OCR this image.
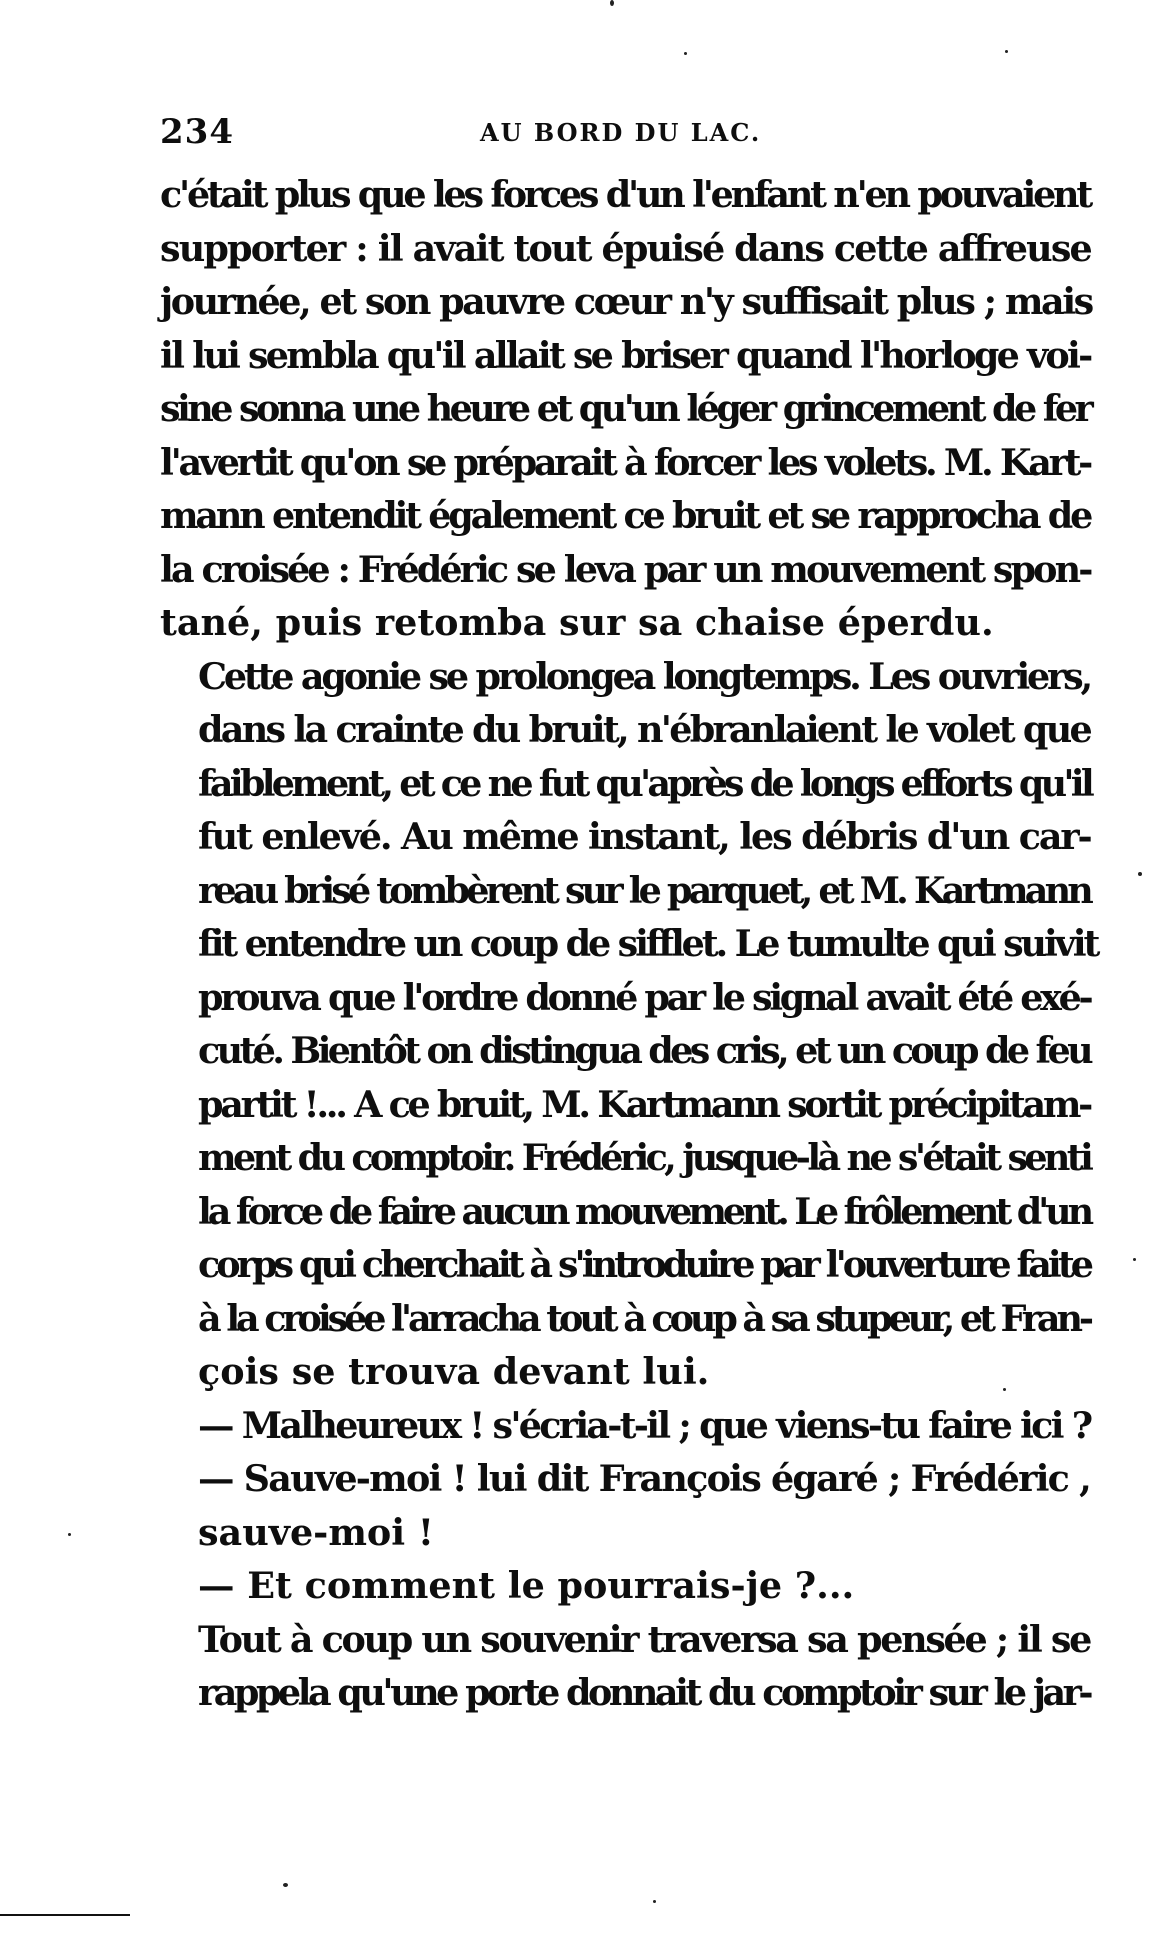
234	AU BORD DU LAC.

c'était plus que les forces d'un l'enfant n'en pouvaient
supporter : il avait tout épuisé dans cette affreuse
journée, et son pauvre cœur n'y suffisait plus ; mais
il lui sembla qu'il allait se briser quand l'horloge voi-
sine sonna une heure et qu'un léger grincement de fer
l'avertit qu'on se préparait à forcer les volets. M. Kart-
mann entendit également ce bruit et se rapprocha de
la croisée : Frédéric se leva par un mouvement spon-
tané, puis retomba sur sa chaise éperdu.

Cette agonie se prolongea longtemps. Les ouvriers,
dans la crainte du bruit, n'ébranlaient le volet que
faiblement, et ce ne fut qu'après de longs efforts qu'il
fut enlevé. Au même instant, les débris d'un car-
reau brisé tombèrent sur le parquet, et M. Kartmann
fit entendre un coup de sifflet. Le tumulte qui suivit
prouva que l'ordre donné par le signal avait été exé-
cuté. Bientôt on distingua des cris, et un coup de feu
partit !... A ce bruit, M. Kartmann sortit précipitam-
ment du comptoir. Frédéric, jusque-là ne s'était senti
la force de faire aucun mouvement. Le frôlement d'un
corps qui cherchait à s'introduire par l'ouverture faite
à la croisée l'arracha tout à coup à sa stupeur, et Fran-
çois se trouva devant lui.

— Malheureux ! s'écria-t-il ; que viens-tu faire ici ?

— Sauve-moi ! lui dit François égaré ; Frédéric ,
sauve-moi !

— Et comment le pourrais-je ?...

Tout à coup un souvenir traversa sa pensée ; il se
rappela qu'une porte donnait du comptoir sur le jar-
